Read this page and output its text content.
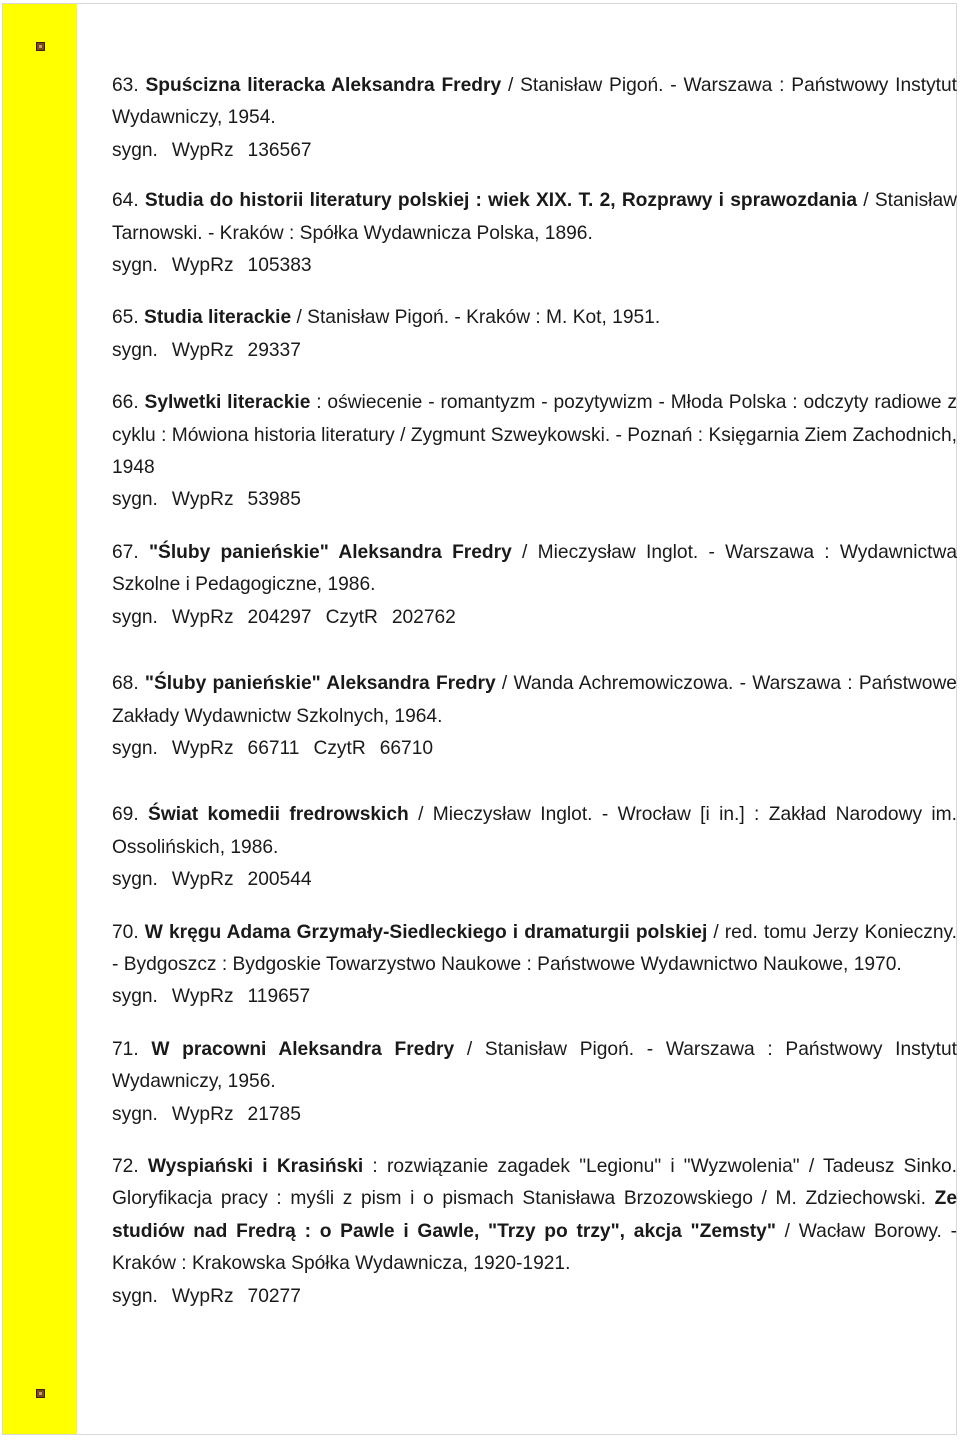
63. Spuścizna literacka Aleksandra Fredry / Stanisław Pigoń. - Warszawa : Państwowy Instytut Wydawniczy, 1954.
sygn. WypRz 136567
64. Studia do historii literatury polskiej : wiek XIX. T. 2, Rozprawy i sprawozdania / Stanisław Tarnowski. - Kraków : Spółka Wydawnicza Polska, 1896.
sygn. WypRz 105383
65. Studia literackie / Stanisław Pigoń. - Kraków : M. Kot, 1951.
sygn. WypRz 29337
66. Sylwetki literackie : oświecenie - romantyzm - pozytywizm - Młoda Polska : odczyty radiowe z cyklu : Mówiona historia literatury / Zygmunt Szweykowski. - Poznań : Księgarnia Ziem Zachodnich, 1948
sygn. WypRz 53985
67. "Śluby panieńskie" Aleksandra Fredry / Mieczysław Inglot. - Warszawa : Wydawnictwa Szkolne i Pedagogiczne, 1986.
sygn. WypRz 204297 CzytR 202762
68. "Śluby panieńskie" Aleksandra Fredry / Wanda Achremowiczowa. - Warszawa : Państwowe Zakłady Wydawnictw Szkolnych, 1964.
sygn. WypRz 66711 CzytR 66710
69. Świat komedii fredrowskich / Mieczysław Inglot. - Wrocław [i in.] : Zakład Narodowy im. Ossolińskich, 1986.
sygn. WypRz 200544
70. W kręgu Adama Grzymały-Siedleckiego i dramaturgii polskiej / red. tomu Jerzy Konieczny. - Bydgoszcz : Bydgoskie Towarzystwo Naukowe : Państwowe Wydawnictwo Naukowe, 1970.
sygn. WypRz 119657
71. W pracowni Aleksandra Fredry / Stanisław Pigoń. - Warszawa : Państwowy Instytut Wydawniczy, 1956.
sygn. WypRz 21785
72. Wyspiański i Krasiński : rozwiązanie zagadek "Legionu" i "Wyzwolenia" / Tadeusz Sinko. Gloryfikacja pracy : myśli z pism i o pismach Stanisława Brzozowskiego / M. Zdziechowski. Ze studiów nad Fredrą : o Pawle i Gawle, "Trzy po trzy", akcja "Zemsty" / Wacław Borowy. - Kraków : Krakowska Spółka Wydawnicza, 1920-1921.
sygn. WypRz 70277
